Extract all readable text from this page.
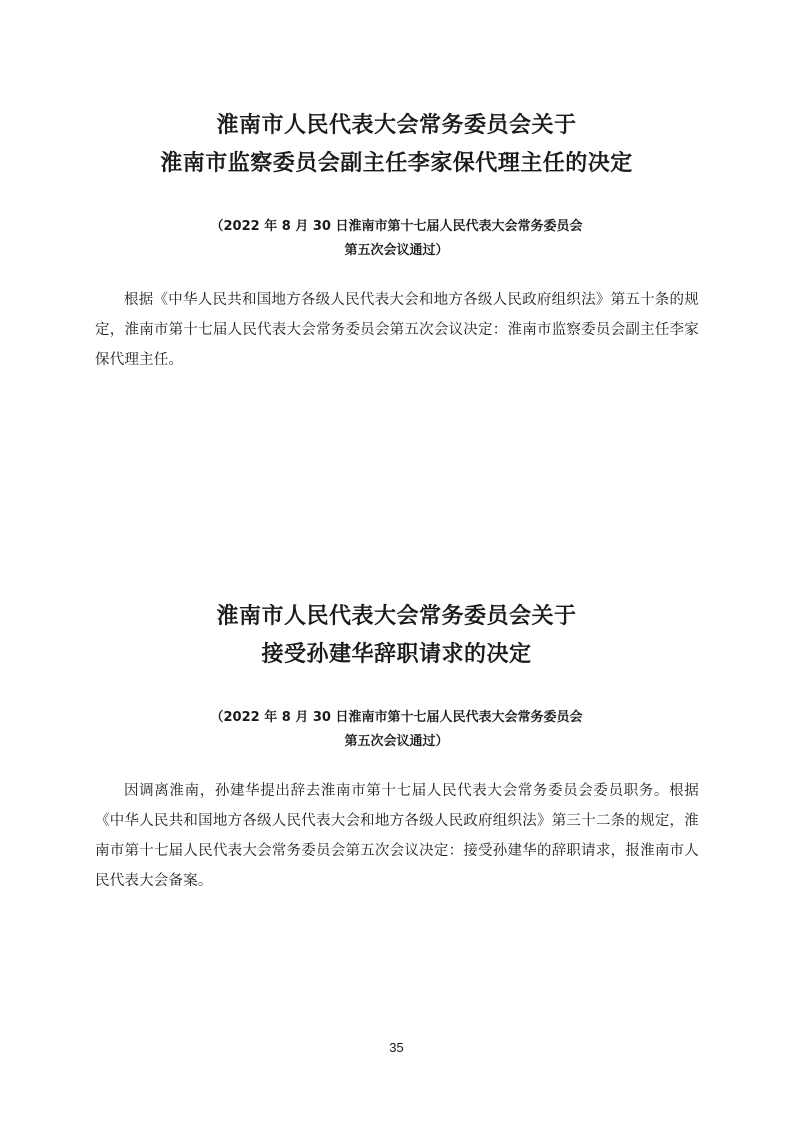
淮南市人民代表大会常务委员会关于
淮南市监察委员会副主任李家保代理主任的决定
（2022 年 8 月 30 日淮南市第十七届人民代表大会常务委员会
第五次会议通过）
根据《中华人民共和国地方各级人民代表大会和地方各级人民政府组织法》第五十条的规定，淮南市第十七届人民代表大会常务委员会第五次会议决定：淮南市监察委员会副主任李家保代理主任。
淮南市人民代表大会常务委员会关于
接受孙建华辞职请求的决定
（2022 年 8 月 30 日淮南市第十七届人民代表大会常务委员会
第五次会议通过）
因调离淮南，孙建华提出辞去淮南市第十七届人民代表大会常务委员会委员职务。根据《中华人民共和国地方各级人民代表大会和地方各级人民政府组织法》第三十二条的规定，淮南市第十七届人民代表大会常务委员会第五次会议决定：接受孙建华的辞职请求，报淮南市人民代表大会备案。
35
